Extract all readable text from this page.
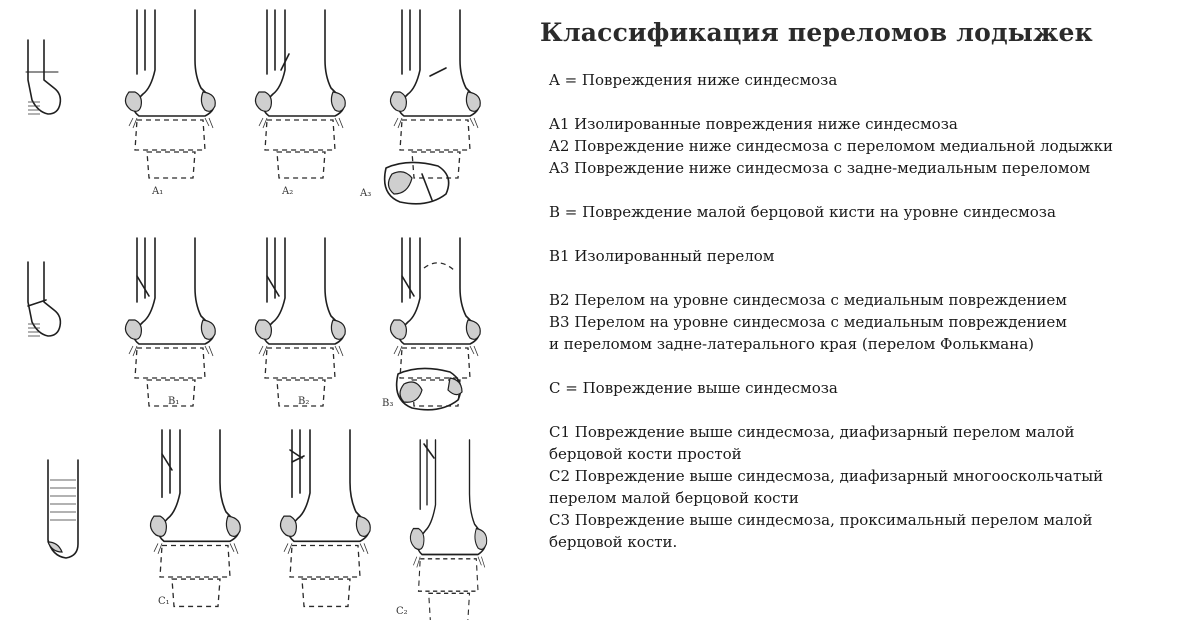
A₁	A₂	A₃
B₁	B₂	B₃
C₁
C₂
Классификация переломов лодыжек
A = Повреждения ниже синдесмоза
A1 Изолированные повреждения ниже синдесмоза
A2 Повреждение ниже синдесмоза с переломом медиальной лодыжки
A3 Повреждение ниже синдесмоза с задне-медиальным переломом
B = Повреждение малой берцовой кисти на уровне синдесмоза
B1 Изолированный перелом
B2 Перелом на уровне синдесмоза с медиальным повреждением
B3 Перелом на уровне синдесмоза с медиальным повреждением
и переломом задне-латерального края (перелом Фолькмана)
C = Повреждение выше синдесмоза
C1 Повреждение выше синдесмоза, диафизарный перелом малой
берцовой кости простой
C2 Повреждение выше синдесмоза, диафизарный многооскольчатый
перелом малой берцовой кости
C3 Повреждение выше синдесмоза, проксимальный перелом малой
берцовой кости.
